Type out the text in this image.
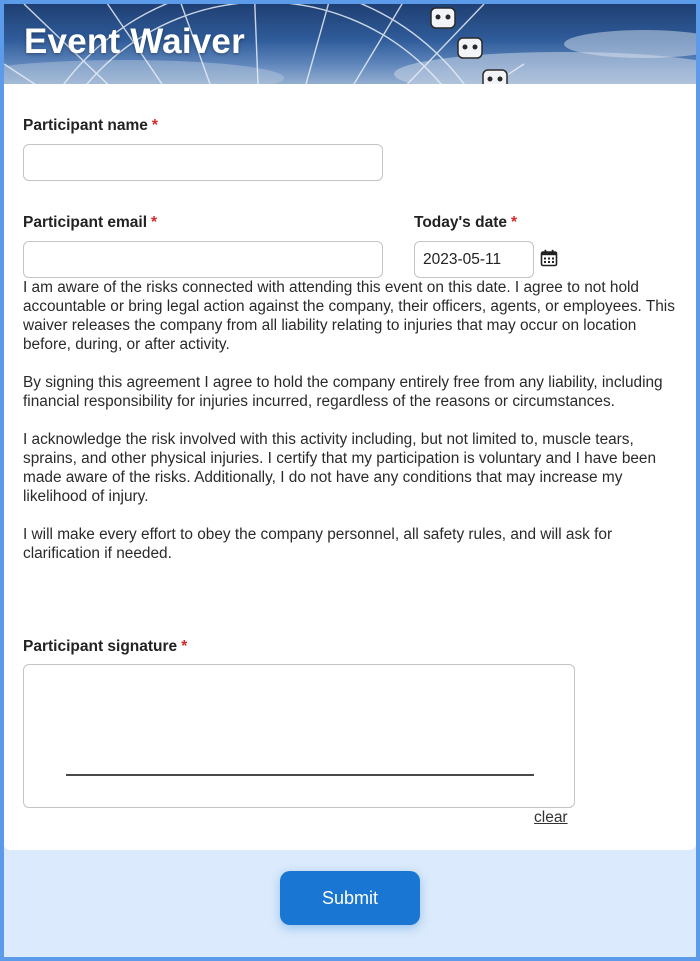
Event Waiver
Participant name *
Participant email *	Today's date *
2023-05-11

I am aware of the risks connected with attending this event on this date. I agree to not hold accountable or bring legal action against the company, their officers, agents, or employees. This waiver releases the company from all liability relating to injuries that may occur on location before, during, or after activity.

By signing this agreement I agree to hold the company entirely free from any liability, including financial responsibility for injuries incurred, regardless of the reasons or circumstances.

I acknowledge the risk involved with this activity including, but not limited to, muscle tears, sprains, and other physical injuries. I certify that my participation is voluntary and I have been made aware of the risks. Additionally, I do not have any conditions that may increase my likelihood of injury.

I will make every effort to obey the company personnel, all safety rules, and will ask for clarification if needed.

Participant signature *
clear
Submit
